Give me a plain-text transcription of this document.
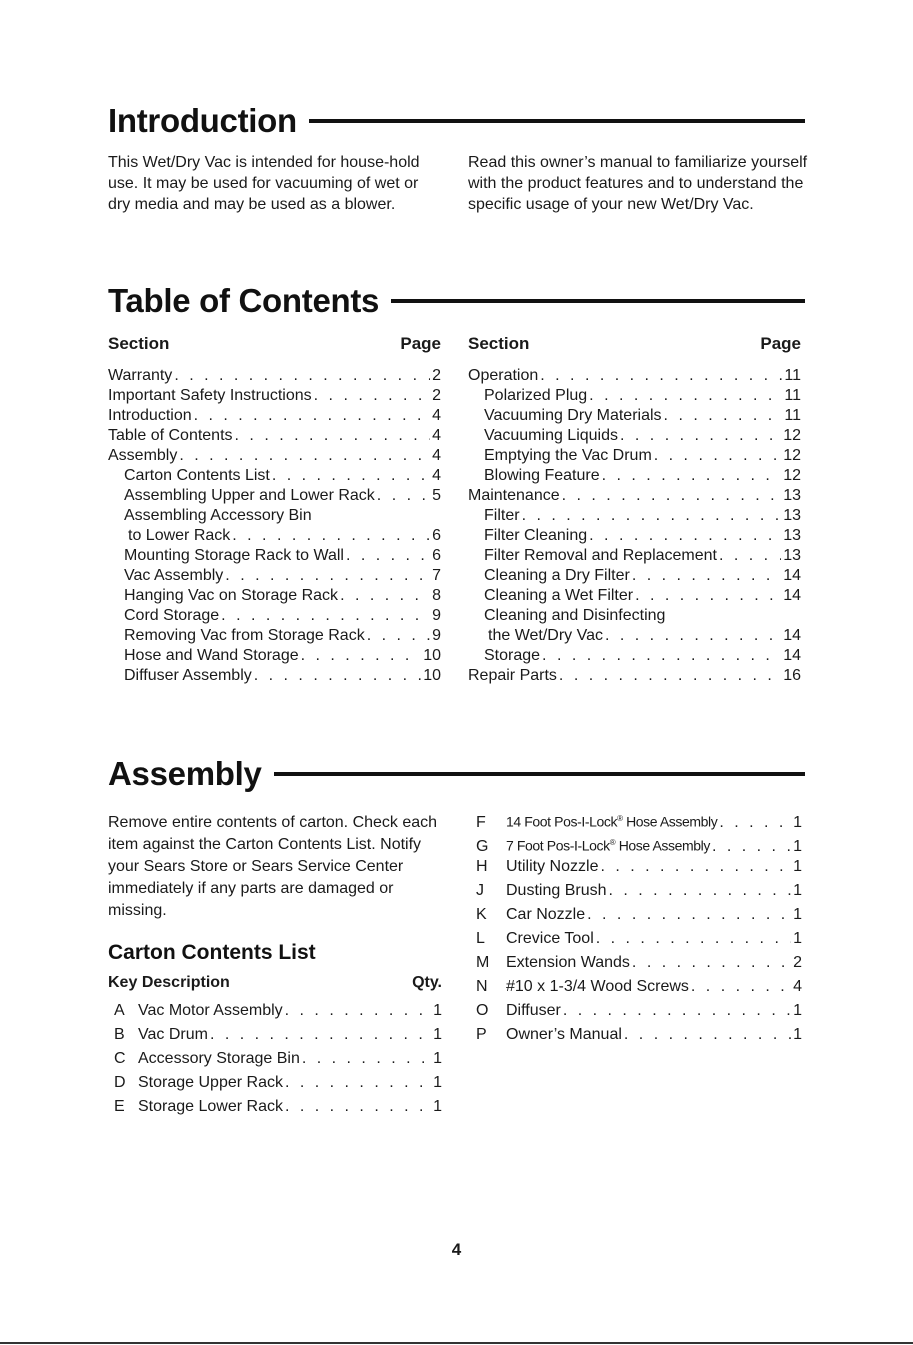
Introduction

This Wet/Dry Vac is intended for house-hold use. It may be used for vacuuming of wet or dry media and may be used as a blower.

Read this owner’s manual to familiarize yourself with the product features and to understand the specific usage of your new Wet/Dry Vac.

Table of Contents
Section	Page
Warranty . . .	2
Important Safety Instructions . . .	2
Introduction . . .	4
Table of Contents . . .	4
Assembly . . .	4
Carton Contents List . . .	4
Assembling Upper and Lower Rack . . .	5
Assembling Accessory Bin
to Lower Rack . . .	6
Mounting Storage Rack to Wall . . .	6
Vac Assembly . . .	7
Hanging Vac on Storage Rack . . .	8
Cord Storage . . .	9
Removing Vac from Storage Rack . . .	9
Hose and Wand Storage . . .	10
Diffuser Assembly . . .	10
Section	Page
Operation . . .	11
Polarized Plug . . .	11
Vacuuming Dry Materials . . .	11
Vacuuming Liquids . . .	12
Emptying the Vac Drum . . .	12
Blowing Feature . . .	12
Maintenance . . .	13
Filter . . .	13
Filter Cleaning . . .	13
Filter Removal and Replacement . . .	13
Cleaning a Dry Filter . . .	14
Cleaning a Wet Filter . . .	14
Cleaning and Disinfecting
the Wet/Dry Vac . . .	14
Storage . . .	14
Repair Parts . . .	16
Assembly

Remove entire contents of carton. Check each item against the Carton Contents List. Notify your Sears Store or Sears Service Center immediately if any parts are damaged or missing.

Carton Contents List
Key Description	Qty.
A Vac Motor Assembly . . .	1
B Vac Drum . . .	1
C Accessory Storage Bin . . .	1
D Storage Upper Rack . . .	1
E Storage Lower Rack . . .	1
F	14 Foot Pos-I-Lock® Hose Assembly . . .	1
G	7 Foot Pos-I-Lock® Hose Assembly . . .	1
H	Utility Nozzle . . .	1
J	Dusting Brush . . .	1
K	Car Nozzle . . .	1
L	Crevice Tool . . .	1
M	Extension Wands . . .	2
N	#10 x 1-3/4 Wood Screws . . .	4
O	Diffuser . . .	1
P	Owner’s Manual . . .	1
4
